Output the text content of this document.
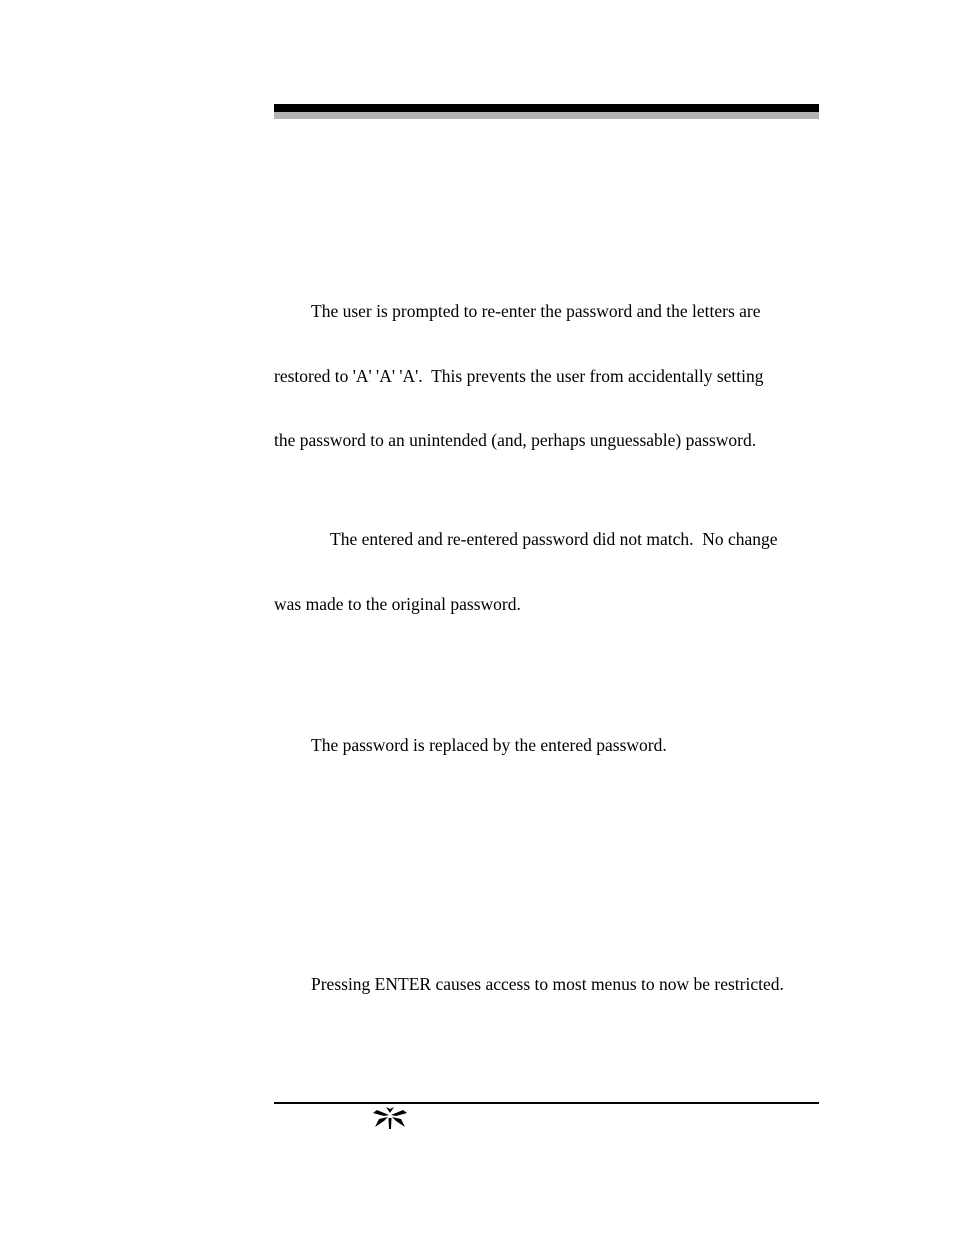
The user is prompted to re-enter the password and the letters are

restored to 'A' 'A' 'A'.  This prevents the user from accidentally setting

the password to an unintended (and, perhaps unguessable) password.

The entered and re-entered password did not match.  No change

was made to the original password.

The password is replaced by the entered password.

Pressing ENTER causes access to most menus to now be restricted.
